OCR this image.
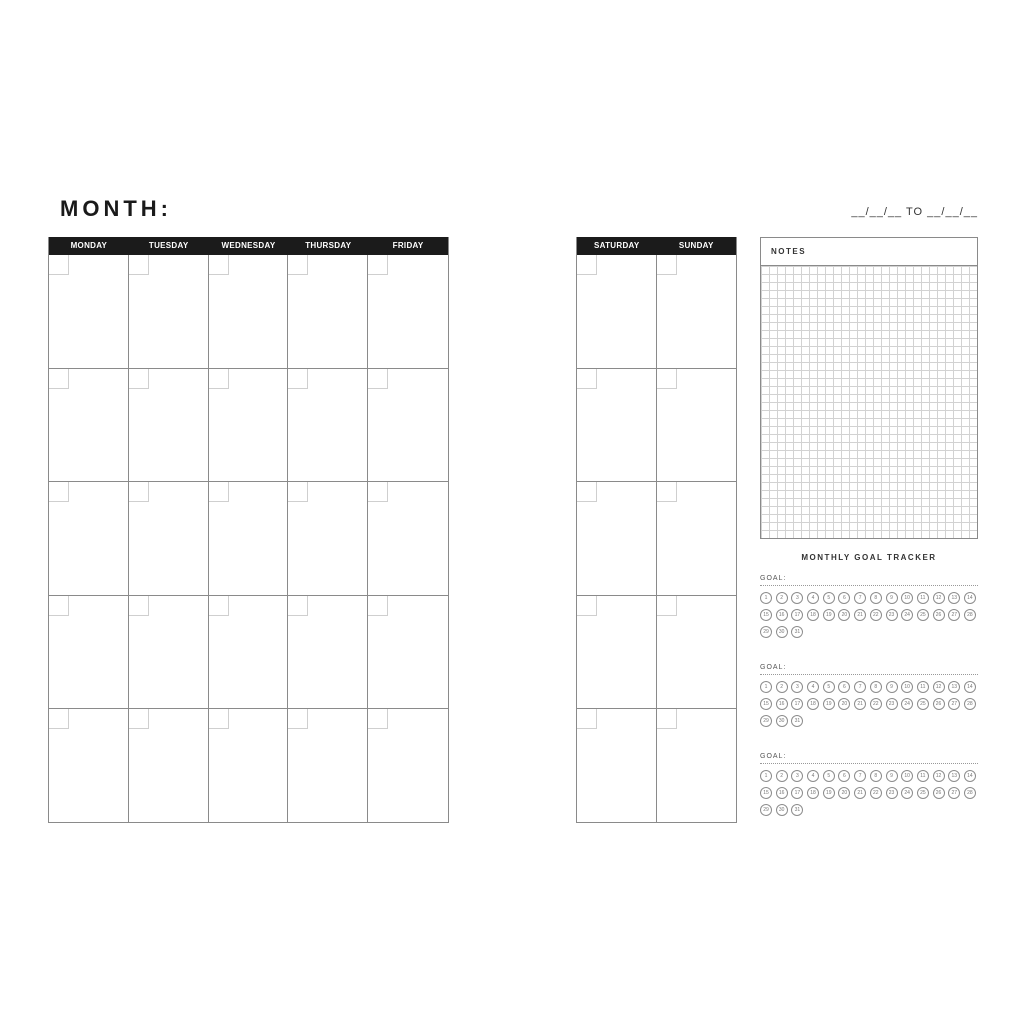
MONTH:	__/__/__ TO __/__/__
MONDAY	TUESDAY	WEDNESDAY	THURSDAY	FRIDAY	SATURDAY	SUNDAY
NOTES
MONTHLY GOAL TRACKER
GOAL:
1	2	3	4	5	6	7	8	9	10	11	12	13	14
15	16	17	18	19	20	21	22	23	24	25	26	27	28
29	30	31
GOAL:
1	2	3	4	5	6	7	8	9	10	11	12	13	14
15	16	17	18	19	20	21	22	23	24	25	26	27	28
29	30	31
GOAL:
1	2	3	4	5	6	7	8	9	10	11	12	13	14
15	16	17	18	19	20	21	22	23	24	25	26	27	28
29	30	31
